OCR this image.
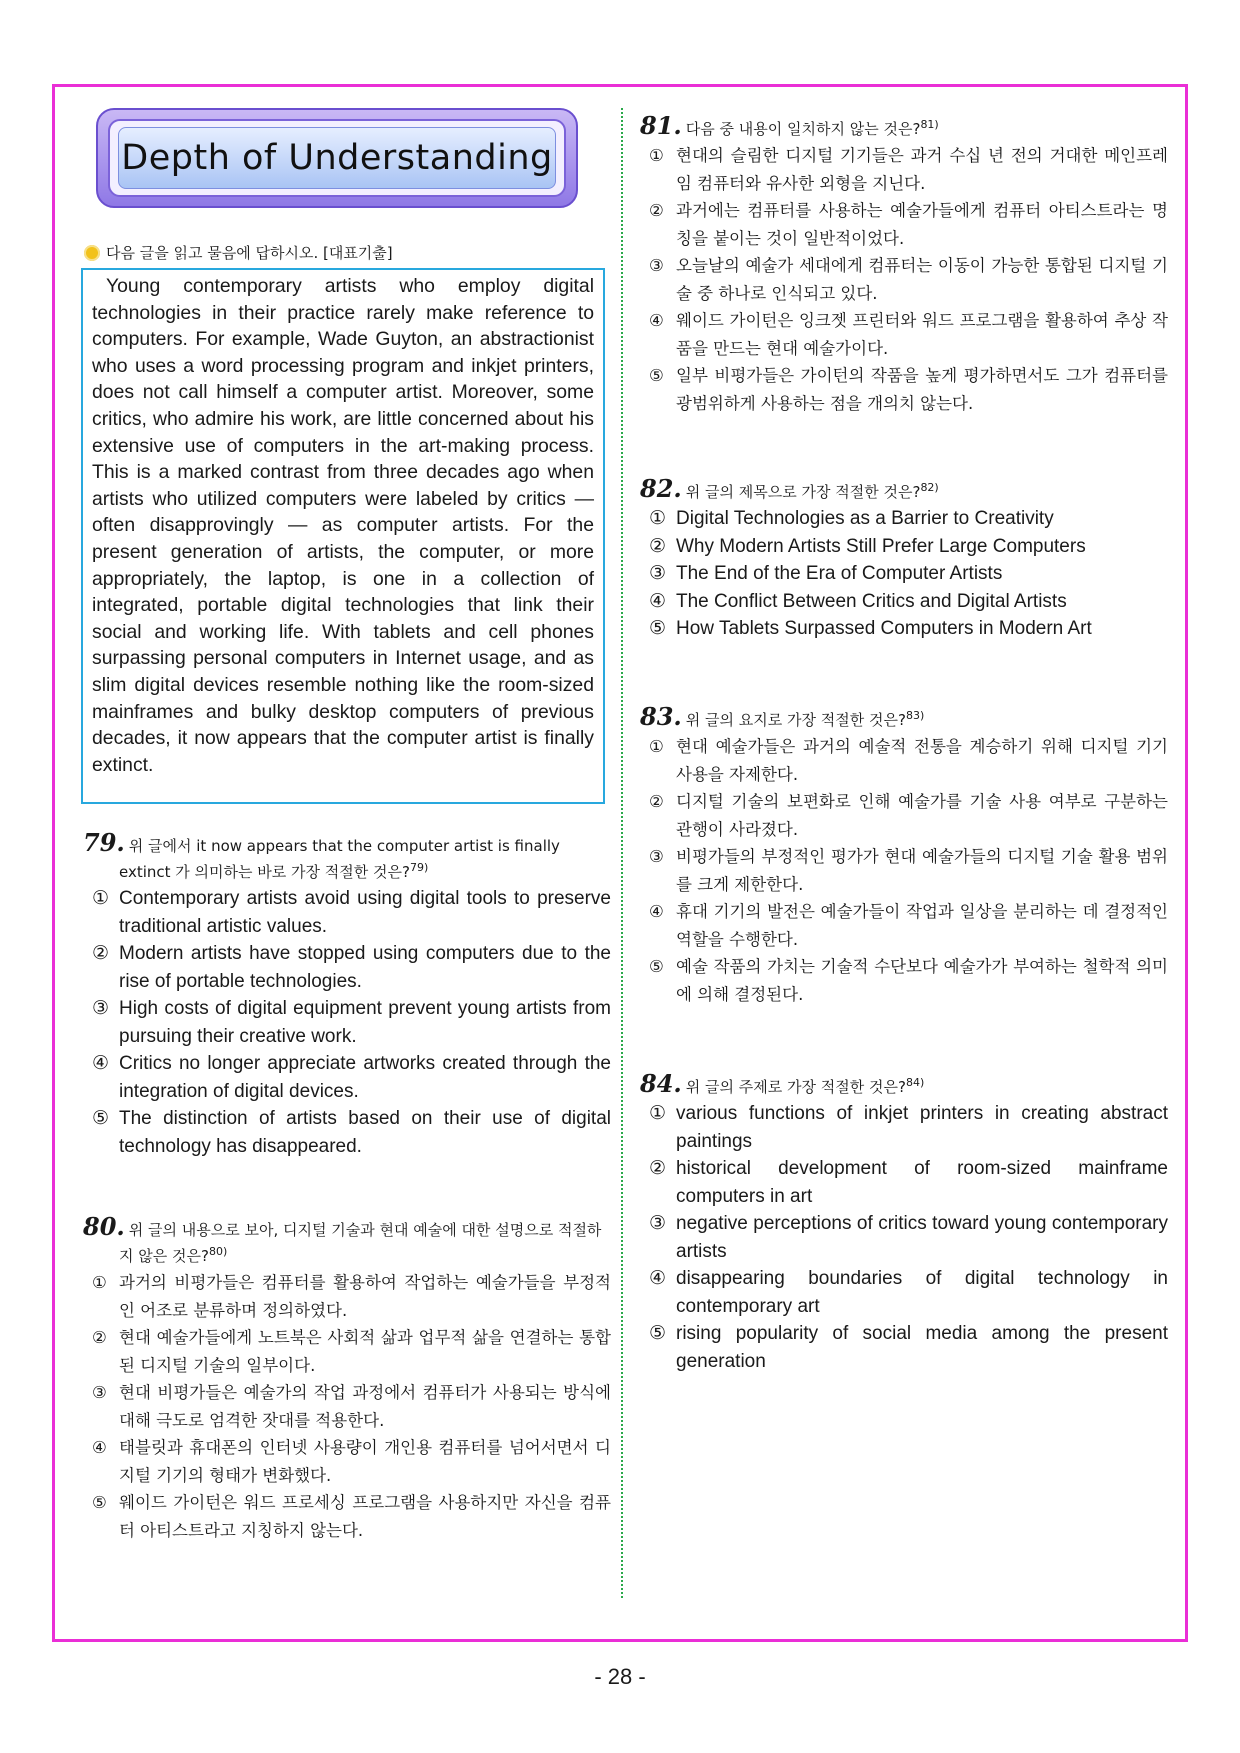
Depth of Understanding
다음 글을 읽고 물음에 답하시오. [대표기출]
Young contemporary artists who employ digital technologies in their practice rarely make reference to computers. For example, Wade Guyton, an abstractionist who uses a word processing program and inkjet printers, does not call himself a computer artist. Moreover, some critics, who admire his work, are little concerned about his extensive use of computers in the art-making process. This is a marked contrast from three decades ago when artists who utilized computers were labeled by critics — often disapprovingly — as computer artists. For the present generation of artists, the computer, or more appropriately, the laptop, is one in a collection of integrated, portable digital technologies that link their social and working life. With tablets and cell phones surpassing personal computers in Internet usage, and as slim digital devices resemble nothing like the room-sized mainframes and bulky desktop computers of previous decades, it now appears that the computer artist is finally extinct.
79. 위 글에서 it now appears that the computer artist is finally extinct 가 의미하는 바로 가장 적절한 것은?$^{79)}$
① Contemporary artists avoid using digital tools to preserve traditional artistic values.
② Modern artists have stopped using computers due to the rise of portable technologies.
③ High costs of digital equipment prevent young artists from pursuing their creative work.
④ Critics no longer appreciate artworks created through the integration of digital devices.
⑤ The distinction of artists based on their use of digital technology has disappeared.
80. 위 글의 내용으로 보아, 디지털 기술과 현대 예술에 대한 설명으로 적절하지 않은 것은?$^{80)}$
① 과거의 비평가들은 컴퓨터를 활용하여 작업하는 예술가들을 부정적인 어조로 분류하며 정의하였다.
② 현대 예술가들에게 노트북은 사회적 삶과 업무적 삶을 연결하는 통합된 디지털 기술의 일부이다.
③ 현대 비평가들은 예술가의 작업 과정에서 컴퓨터가 사용되는 방식에 대해 극도로 엄격한 잣대를 적용한다.
④ 태블릿과 휴대폰의 인터넷 사용량이 개인용 컴퓨터를 넘어서면서 디지털 기기의 형태가 변화했다.
⑤ 웨이드 가이턴은 워드 프로세싱 프로그램을 사용하지만 자신을 컴퓨터 아티스트라고 지칭하지 않는다.
81. 다음 중 내용이 일치하지 않는 것은?$^{81)}$
① 현대의 슬림한 디지털 기기들은 과거 수십 년 전의 거대한 메인프레임 컴퓨터와 유사한 외형을 지닌다.
② 과거에는 컴퓨터를 사용하는 예술가들에게 컴퓨터 아티스트라는 명칭을 붙이는 것이 일반적이었다.
③ 오늘날의 예술가 세대에게 컴퓨터는 이동이 가능한 통합된 디지털 기술 중 하나로 인식되고 있다.
④ 웨이드 가이턴은 잉크젯 프린터와 워드 프로그램을 활용하여 추상 작품을 만드는 현대 예술가이다.
⑤ 일부 비평가들은 가이턴의 작품을 높게 평가하면서도 그가 컴퓨터를 광범위하게 사용하는 점을 개의치 않는다.
82. 위 글의 제목으로 가장 적절한 것은?$^{82)}$
① Digital Technologies as a Barrier to Creativity
② Why Modern Artists Still Prefer Large Computers
③ The End of the Era of Computer Artists
④ The Conflict Between Critics and Digital Artists
⑤ How Tablets Surpassed Computers in Modern Art
83. 위 글의 요지로 가장 적절한 것은?$^{83)}$
① 현대 예술가들은 과거의 예술적 전통을 계승하기 위해 디지털 기기 사용을 자제한다.
② 디지털 기술의 보편화로 인해 예술가를 기술 사용 여부로 구분하는 관행이 사라졌다.
③ 비평가들의 부정적인 평가가 현대 예술가들의 디지털 기술 활용 범위를 크게 제한한다.
④ 휴대 기기의 발전은 예술가들이 작업과 일상을 분리하는 데 결정적인 역할을 수행한다.
⑤ 예술 작품의 가치는 기술적 수단보다 예술가가 부여하는 철학적 의미에 의해 결정된다.
84. 위 글의 주제로 가장 적절한 것은?$^{84)}$
① various functions of inkjet printers in creating abstract paintings
② historical development of room-sized mainframe computers in art
③ negative perceptions of critics toward young contemporary artists
④ disappearing boundaries of digital technology in contemporary art
⑤ rising popularity of social media among the present generation
- 28 -
